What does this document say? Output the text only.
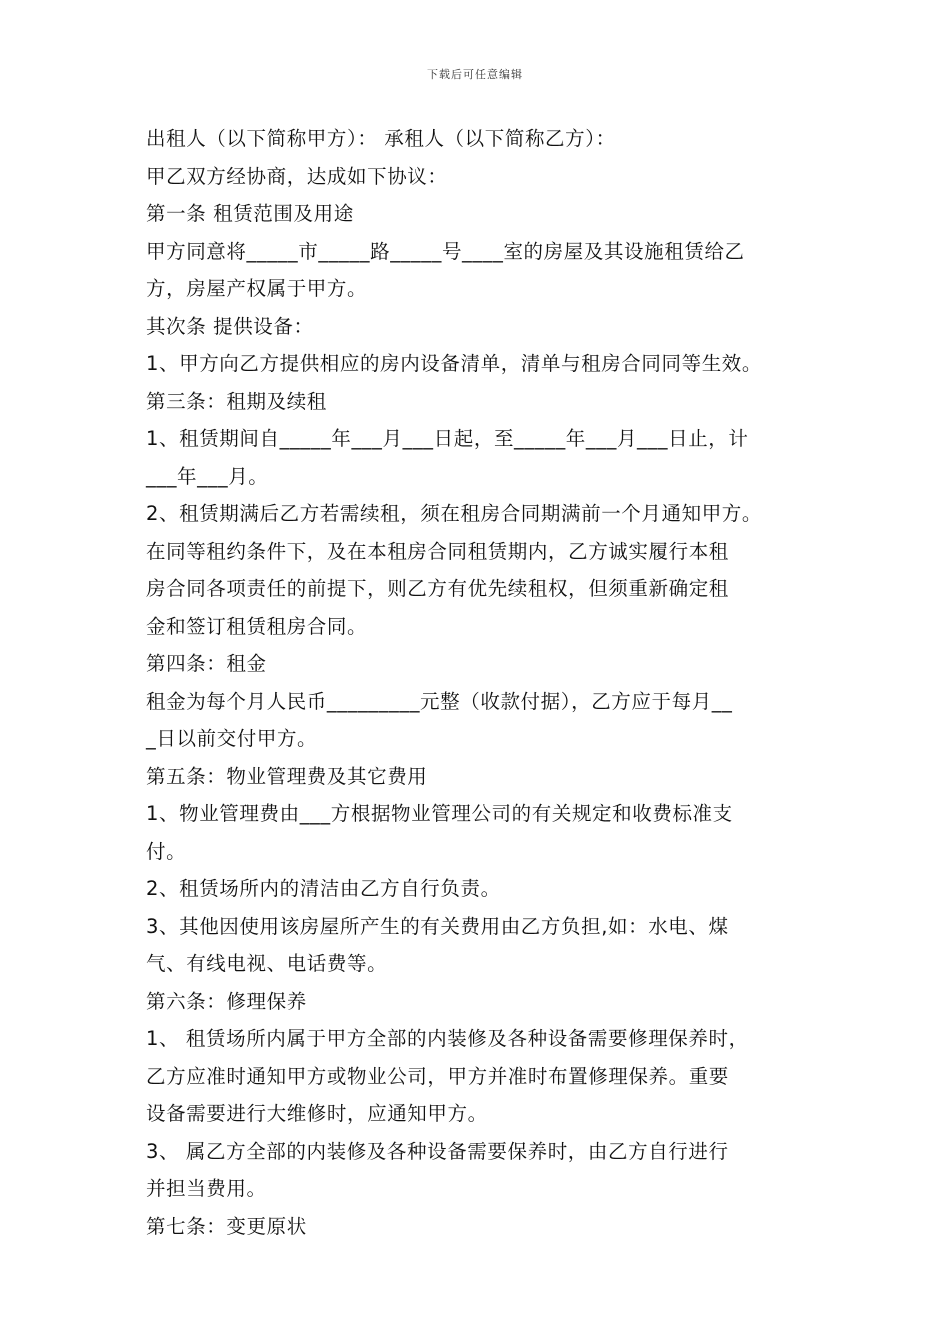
下载后可任意编辑
出租人（以下简称甲方）： 承租人（以下简称乙方）：
甲乙双方经协商，达成如下协议：
第一条 租赁范围及用途
甲方同意将_____市_____路_____号____室的房屋及其设施租赁给乙
方，房屋产权属于甲方。
其次条 提供设备：
1、甲方向乙方提供相应的房内设备清单，清单与租房合同同等生效。
第三条：租期及续租
1、租赁期间自_____年___月___日起，至_____年___月___日止，计
___年___月。
2、租赁期满后乙方若需续租，须在租房合同期满前一个月通知甲方。
在同等租约条件下，及在本租房合同租赁期内，乙方诚实履行本租
房合同各项责任的前提下，则乙方有优先续租权，但须重新确定租
金和签订租赁租房合同。
第四条：租金
租金为每个月人民币_________元整（收款付据），乙方应于每月__
_日以前交付甲方。
第五条：物业管理费及其它费用
1、物业管理费由___方根据物业管理公司的有关规定和收费标准支
付。
2、租赁场所内的清洁由乙方自行负责。
3、其他因使用该房屋所产生的有关费用由乙方负担,如：水电、煤
气、有线电视、电话费等。
第六条：修理保养
1、 租赁场所内属于甲方全部的内装修及各种设备需要修理保养时，
乙方应准时通知甲方或物业公司，甲方并准时布置修理保养。重要
设备需要进行大维修时，应通知甲方。
3、 属乙方全部的内装修及各种设备需要保养时，由乙方自行进行
并担当费用。
第七条：变更原状
